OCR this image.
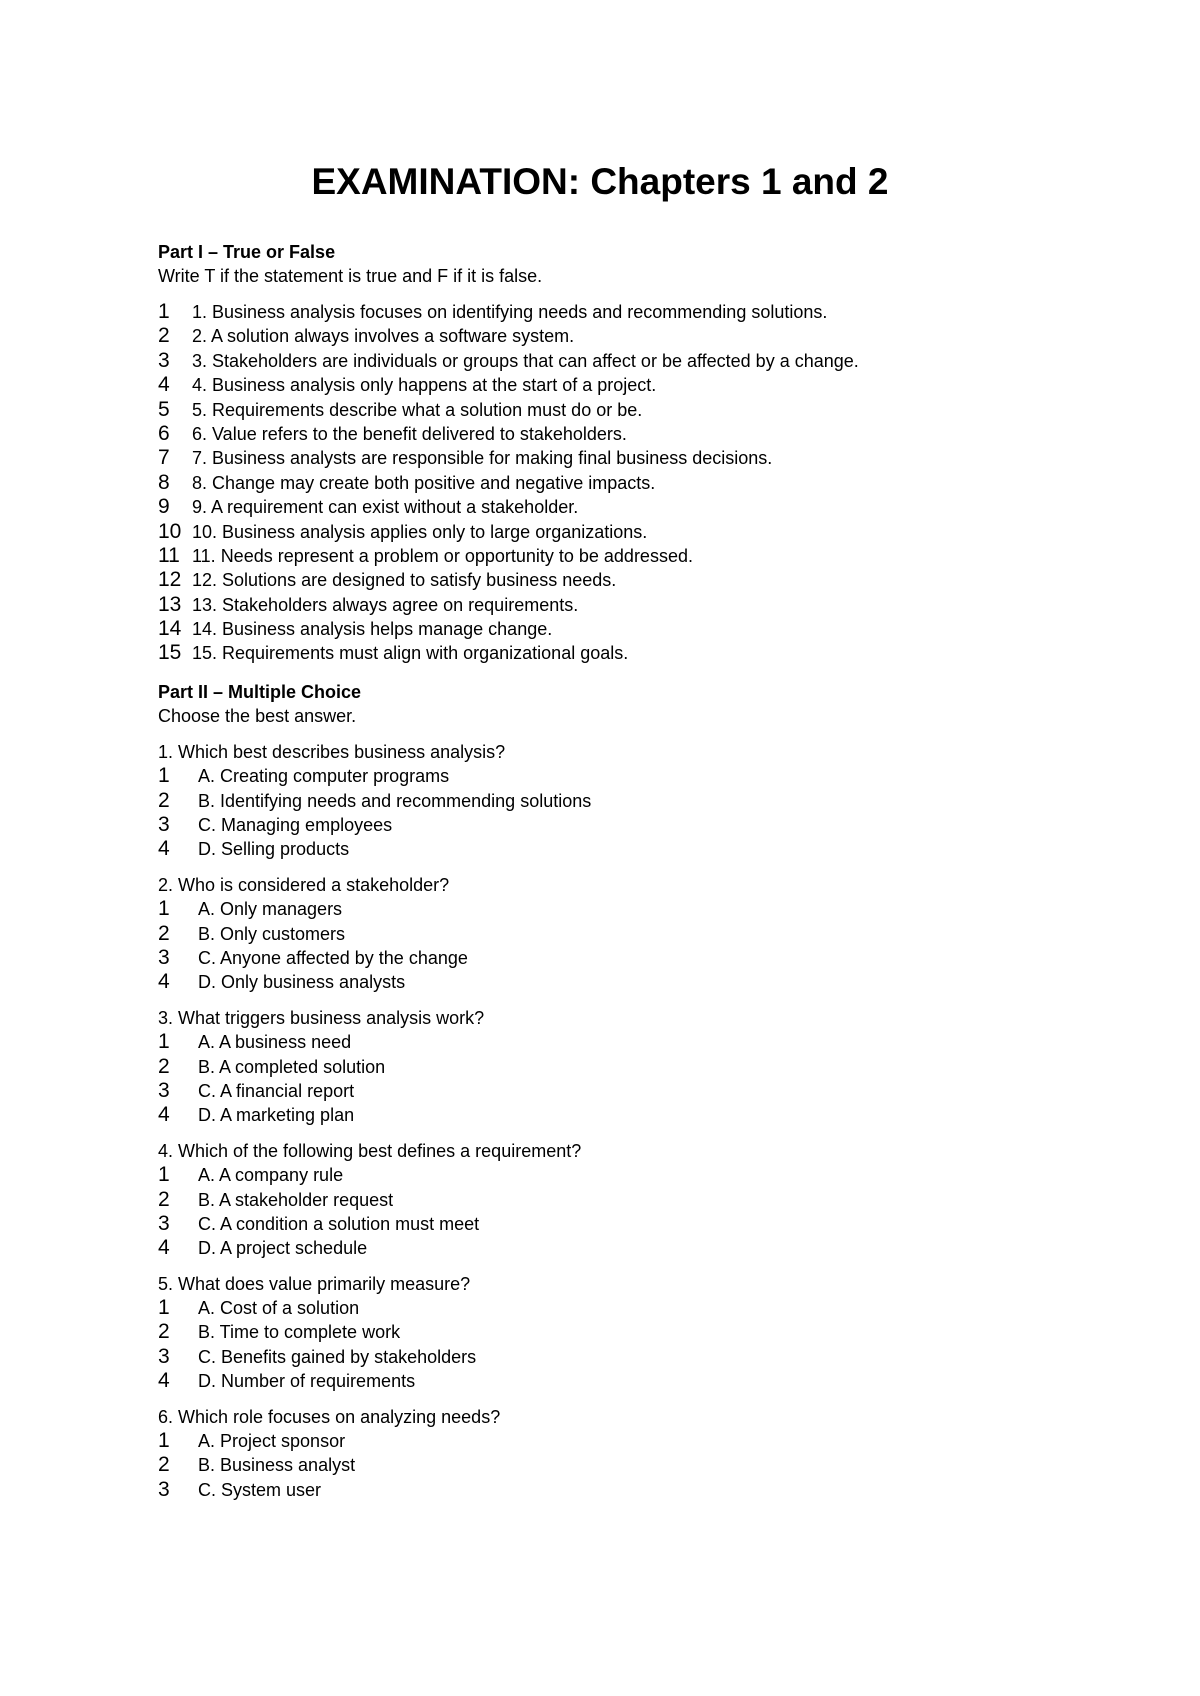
EXAMINATION: Chapters 1 and 2
Part I – True or False
Write T if the statement is true and F if it is false.
1	1. Business analysis focuses on identifying needs and recommending solutions.
2	2. A solution always involves a software system.
3	3. Stakeholders are individuals or groups that can affect or be affected by a change.
4	4. Business analysis only happens at the start of a project.
5	5. Requirements describe what a solution must do or be.
6	6. Value refers to the benefit delivered to stakeholders.
7	7. Business analysts are responsible for making final business decisions.
8	8. Change may create both positive and negative impacts.
9	9. A requirement can exist without a stakeholder.
10 10. Business analysis applies only to large organizations.
11 11. Needs represent a problem or opportunity to be addressed.
12 12. Solutions are designed to satisfy business needs.
13 13. Stakeholders always agree on requirements.
14 14. Business analysis helps manage change.
15 15. Requirements must align with organizational goals.
Part II – Multiple Choice
Choose the best answer.
1. Which best describes business analysis?
1	A. Creating computer programs
2	B. Identifying needs and recommending solutions
3	C. Managing employees
4	D. Selling products
2. Who is considered a stakeholder?
1	A. Only managers
2	B. Only customers
3	C. Anyone affected by the change
4	D. Only business analysts
3. What triggers business analysis work?
1	A. A business need
2	B. A completed solution
3	C. A financial report
4	D. A marketing plan
4. Which of the following best defines a requirement?
1	A. A company rule
2	B. A stakeholder request
3	C. A condition a solution must meet
4	D. A project schedule
5. What does value primarily measure?
1	A. Cost of a solution
2	B. Time to complete work
3	C. Benefits gained by stakeholders
4	D. Number of requirements
6. Which role focuses on analyzing needs?
1	A. Project sponsor
2	B. Business analyst
3	C. System user
